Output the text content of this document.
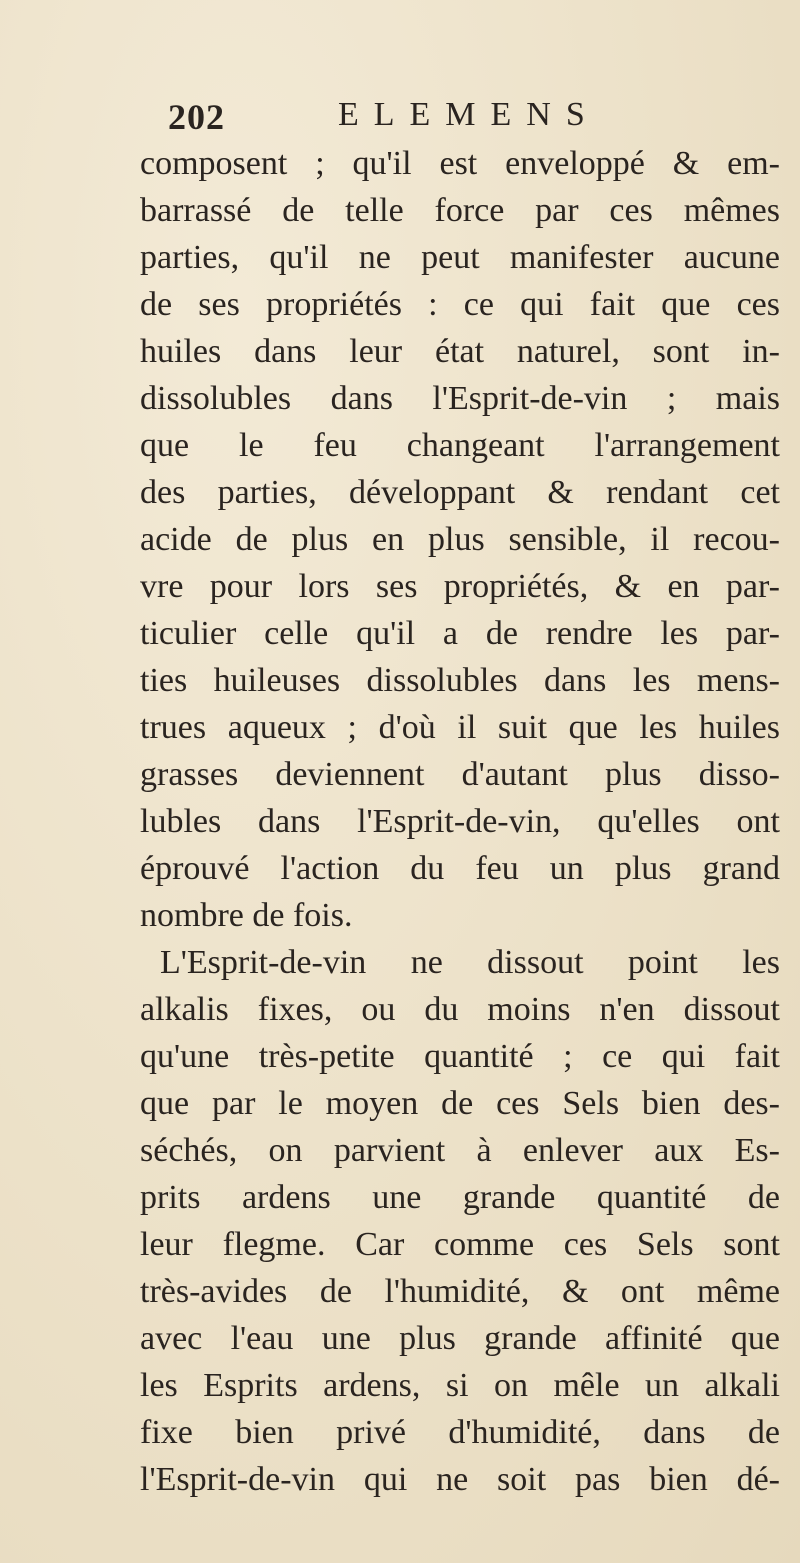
202	ELEMENS
composent ; qu'il est enveloppé & em-
barrassé de telle force par ces mêmes
parties, qu'il ne peut manifester aucune
de ses propriétés : ce qui fait que ces
huiles dans leur état naturel, sont in-
dissolubles dans l'Esprit-de-vin ; mais
que le feu changeant l'arrangement
des parties, développant & rendant cet
acide de plus en plus sensible, il recou-
vre pour lors ses propriétés, & en par-
ticulier celle qu'il a de rendre les par-
ties huileuses dissolubles dans les mens-
trues aqueux ; d'où il suit que les huiles
grasses deviennent d'autant plus disso-
lubles dans l'Esprit-de-vin, qu'elles ont
éprouvé l'action du feu un plus grand
nombre de fois.
L'Esprit-de-vin ne dissout point les
alkalis fixes, ou du moins n'en dissout
qu'une très-petite quantité ; ce qui fait
que par le moyen de ces Sels bien des-
séchés, on parvient à enlever aux Es-
prits ardens une grande quantité de
leur flegme. Car comme ces Sels sont
très-avides de l'humidité, & ont même
avec l'eau une plus grande affinité que
les Esprits ardens, si on mêle un alkali
fixe bien privé d'humidité, dans de
l'Esprit-de-vin qui ne soit pas bien dé-
